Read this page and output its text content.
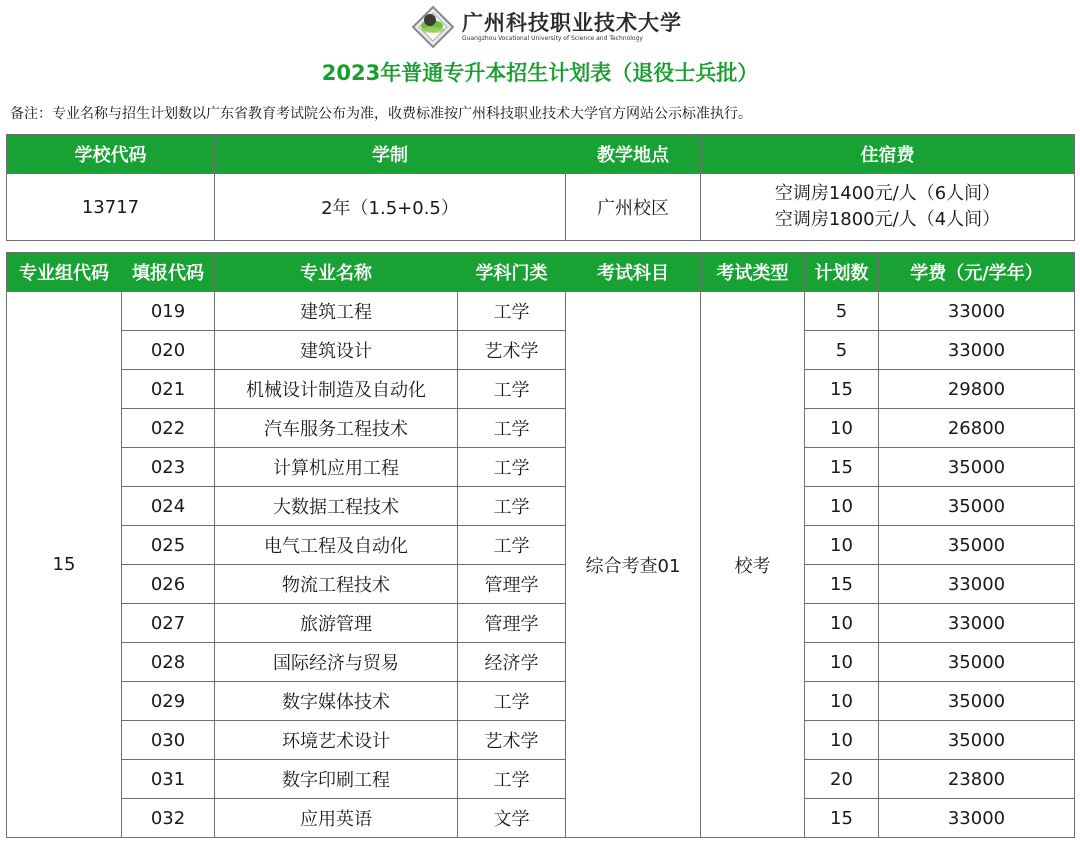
广州科技职业技术大学
Guangzhou Vocational University of Science and Technology
2023年普通专升本招生计划表（退役士兵批）
备注：专业名称与招生计划数以广东省教育考试院公布为准，收费标准按广州科技职业技术大学官方网站公示标准执行。
学校代码	学制	教学地点	住宿费
13717	2年（1.5+0.5）	广州校区	空调房1400元/人（6人间）
空调房1800元/人（4人间）
专业组代码	填报代码	专业名称	学科门类	考试科目	考试类型	计划数	学费（元/学年）
15	019	建筑工程	工学	综合考查01	校考	5	33000
	020	建筑设计	艺术学			5	33000
	021	机械设计制造及自动化	工学			15	29800
	022	汽车服务工程技术	工学			10	26800
	023	计算机应用工程	工学			15	35000
	024	大数据工程技术	工学			10	35000
	025	电气工程及自动化	工学			10	35000
	026	物流工程技术	管理学			15	33000
	027	旅游管理	管理学			10	33000
	028	国际经济与贸易	经济学			10	35000
	029	数字媒体技术	工学			10	35000
	030	环境艺术设计	艺术学			10	35000
	031	数字印刷工程	工学			20	23800
	032	应用英语	文学			15	33000
